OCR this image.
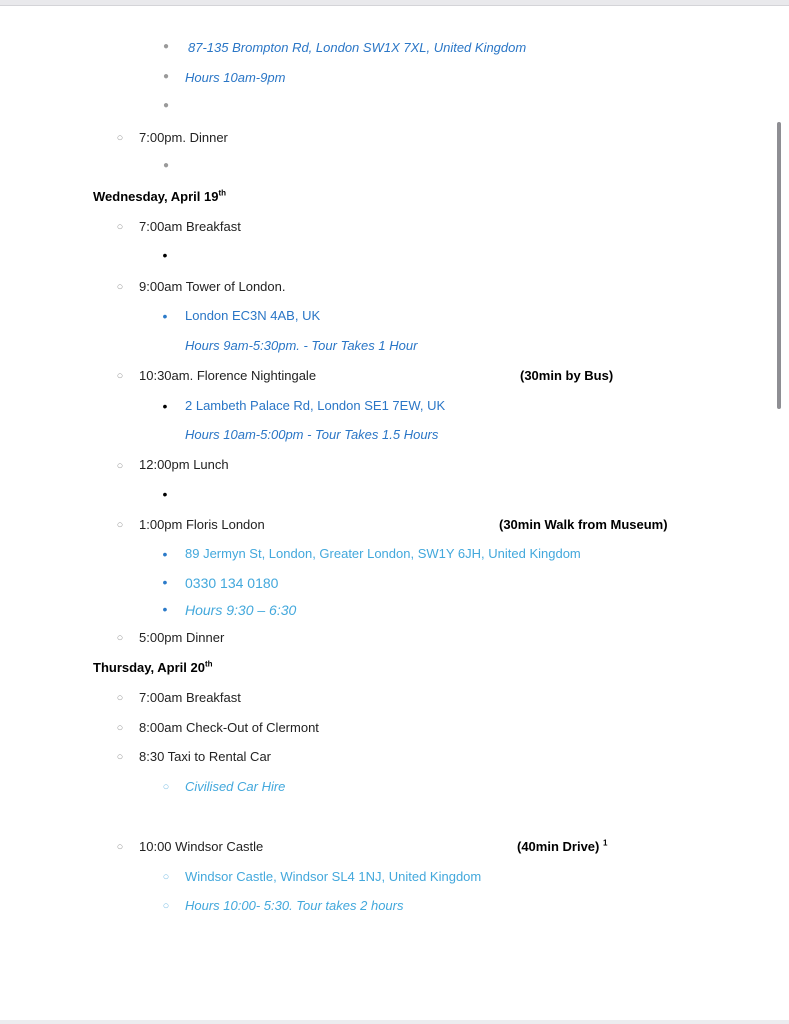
● 87-135 Brompton Rd, London SW1X 7XL, United Kingdom
● Hours 10am-9pm
●
○ 7:00pm. Dinner
●
Wednesday, April 19th
○ 7:00am Breakfast
•
○ 9:00am Tower of London.
• London EC3N 4AB, UK
Hours 9am-5:30pm. - Tour Takes 1 Hour
○ 10:30am. Florence Nightingale	(30min by Bus)
• 2 Lambeth Palace Rd, London SE1 7EW, UK
Hours 10am-5:00pm - Tour Takes 1.5 Hours
○ 12:00pm Lunch
•
○ 1:00pm Floris London	(30min Walk from Museum)
• 89 Jermyn St, London, Greater London, SW1Y 6JH, United Kingdom
• 0330 134 0180
• Hours 9:30 – 6:30
○ 5:00pm Dinner
Thursday, April 20th
○ 7:00am Breakfast
○ 8:00am Check-Out of Clermont
○ 8:30 Taxi to Rental Car
○ Civilised Car Hire
○ 10:00 Windsor Castle	(40min Drive) $^1$
○ Windsor Castle, Windsor SL4 1NJ, United Kingdom
○ Hours 10:00- 5:30. Tour takes 2 hours
